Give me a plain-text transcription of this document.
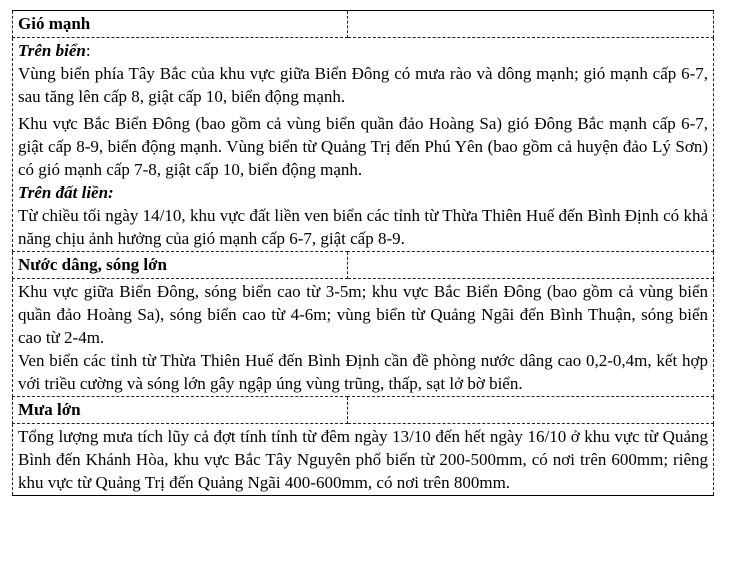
Gió mạnh	

Trên biển:

Vùng biển phía Tây Bắc của khu vực giữa Biển Đông có mưa rào và dông mạnh; gió mạnh cấp 6-7, sau tăng lên cấp 8, giật cấp 10, biển động mạnh.

Khu vực Bắc Biển Đông (bao gồm cả vùng biển quần đảo Hoàng Sa) gió Đông Bắc mạnh cấp 6-7, giật cấp 8-9, biển động mạnh. Vùng biển từ Quảng Trị đến Phú Yên (bao gồm cả huyện đảo Lý Sơn) có gió mạnh cấp 7-8, giật cấp 10, biển động mạnh.

Trên đất liền:

Từ chiều tối ngày 14/10, khu vực đất liền ven biển các tỉnh từ Thừa Thiên Huế đến Bình Định có khả năng chịu ảnh hưởng của gió mạnh cấp 6-7, giật cấp 8-9.	

Nước dâng, sóng lớn	

Khu vực giữa Biển Đông, sóng biển cao từ 3-5m; khu vực Bắc Biển Đông (bao gồm cả vùng biển quần đảo Hoàng Sa), sóng biển cao từ 4-6m; vùng biển từ Quảng Ngãi đến Bình Thuận, sóng biển cao từ 2-4m.

Ven biển các tỉnh từ Thừa Thiên Huế đến Bình Định cần đề phòng nước dâng cao 0,2-0,4m, kết hợp với triều cường và sóng lớn gây ngập úng vùng trũng, thấp, sạt lở bờ biển.	

Mưa lớn	

Tổng lượng mưa tích lũy cả đợt tính tính từ đêm ngày 13/10 đến hết ngày 16/10 ở khu vực từ Quảng Bình đến Khánh Hòa, khu vực Bắc Tây Nguyên phổ biến từ 200-500mm, có nơi trên 600mm; riêng khu vực từ Quảng Trị đến Quảng Ngãi 400-600mm, có nơi trên 800mm.	
